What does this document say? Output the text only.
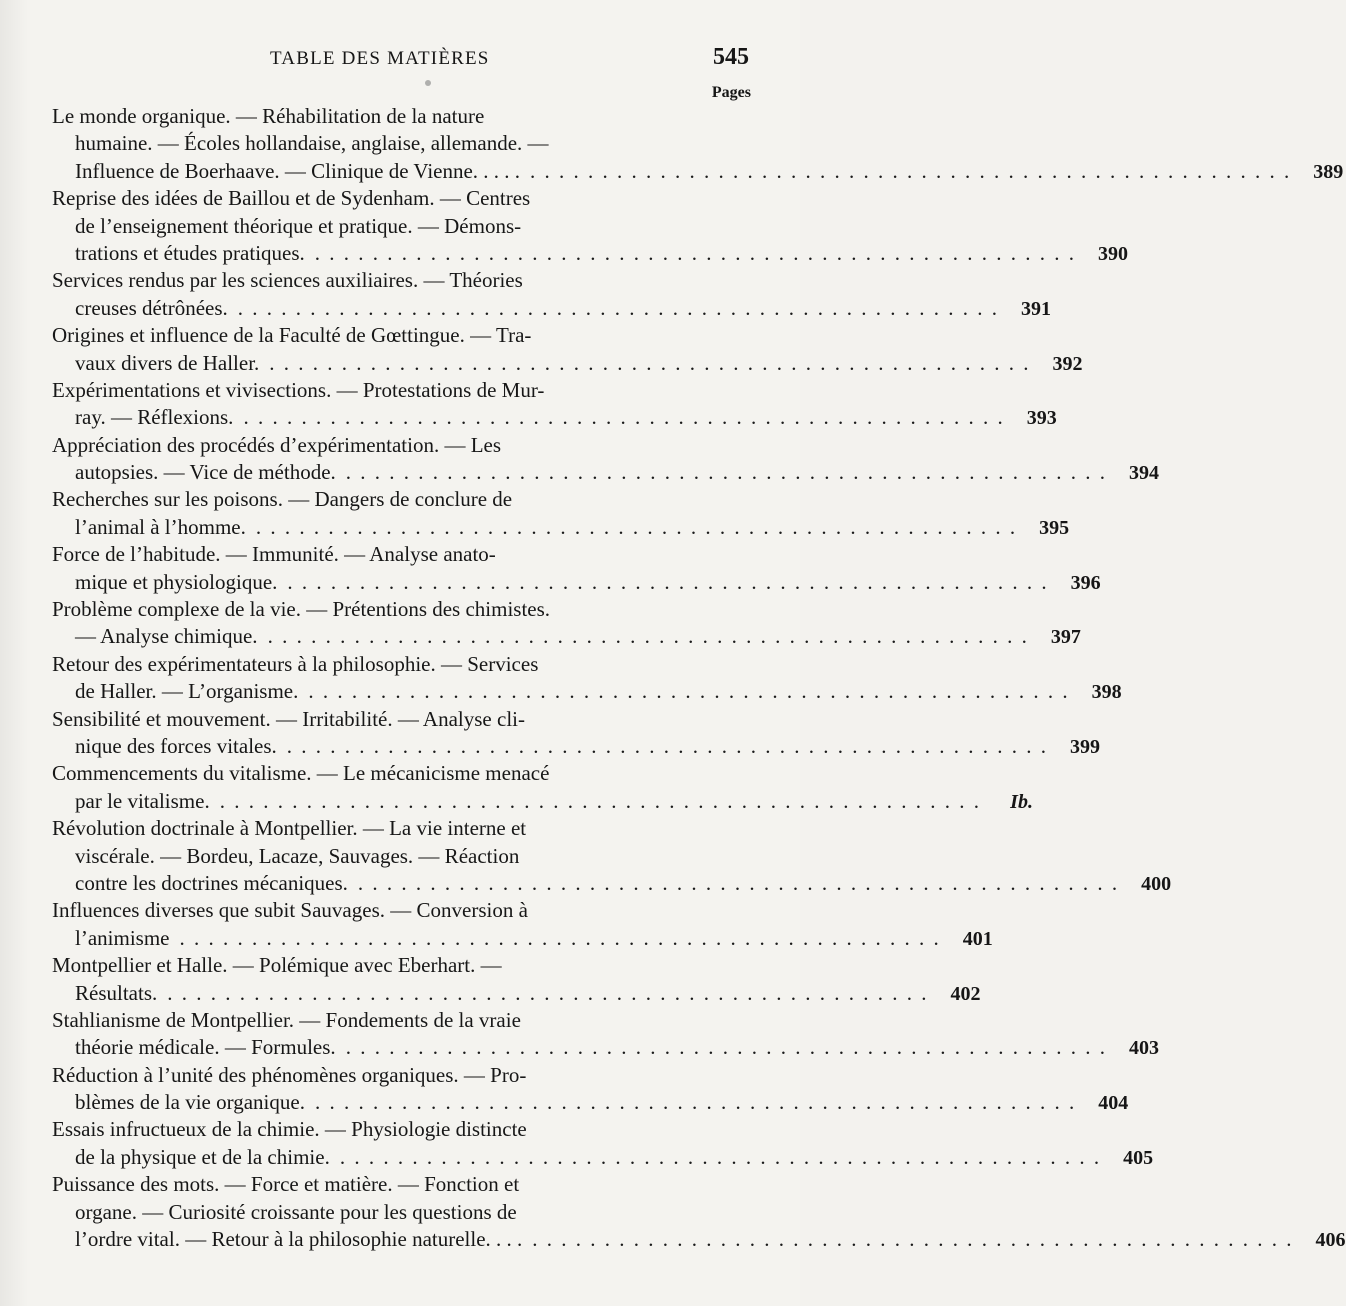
TABLE DES MATIÈRES	545
Pages
Le monde organique. — Réhabilitation de la nature
humaine. — Écoles hollandaise, anglaise, allemande. —
Influence de Boerhaave. — Clinique de Vienne. . . . . . . . . . . . . . . . . . . . . . . . . . . . . . . . . . . . . . . . . . . . . . . . . . . . . . . . . .	389
Reprise des idées de Baillou et de Sydenham. — Centres
de l’enseignement théorique et pratique. — Démons-
trations et études pratiques. . . . . . . . . . . . . . . . . . . . . . . . . . . . . . . . . . . . . . . . . . . . . . . . . . . . . .	390
Services rendus par les sciences auxiliaires. — Théories
creuses détrônées. . . . . . . . . . . . . . . . . . . . . . . . . . . . . . . . . . . . . . . . . . . . . . . . . . . . . .	391
Origines et influence de la Faculté de Gœttingue. — Tra-
vaux divers de Haller. . . . . . . . . . . . . . . . . . . . . . . . . . . . . . . . . . . . . . . . . . . . . . . . . . . . . .	392
Expérimentations et vivisections. — Protestations de Mur-
ray. — Réflexions. . . . . . . . . . . . . . . . . . . . . . . . . . . . . . . . . . . . . . . . . . . . . . . . . . . . . .	393
Appréciation des procédés d’expérimentation. — Les
autopsies. — Vice de méthode. . . . . . . . . . . . . . . . . . . . . . . . . . . . . . . . . . . . . . . . . . . . . . . . . . . . . .	394
Recherches sur les poisons. — Dangers de conclure de
l’animal à l’homme. . . . . . . . . . . . . . . . . . . . . . . . . . . . . . . . . . . . . . . . . . . . . . . . . . . . . .	395
Force de l’habitude. — Immunité. — Analyse anato-
mique et physiologique. . . . . . . . . . . . . . . . . . . . . . . . . . . . . . . . . . . . . . . . . . . . . . . . . . . . . .	396
Problème complexe de la vie. — Prétentions des chimistes.
— Analyse chimique. . . . . . . . . . . . . . . . . . . . . . . . . . . . . . . . . . . . . . . . . . . . . . . . . . . . . .	397
Retour des expérimentateurs à la philosophie. — Services
de Haller. — L’organisme. . . . . . . . . . . . . . . . . . . . . . . . . . . . . . . . . . . . . . . . . . . . . . . . . . . . . .	398
Sensibilité et mouvement. — Irritabilité. — Analyse cli-
nique des forces vitales. . . . . . . . . . . . . . . . . . . . . . . . . . . . . . . . . . . . . . . . . . . . . . . . . . . . . .	399
Commencements du vitalisme. — Le mécanicisme menacé
par le vitalisme. . . . . . . . . . . . . . . . . . . . . . . . . . . . . . . . . . . . . . . . . . . . . . . . . . . . . .	Ib.
Révolution doctrinale à Montpellier. — La vie interne et
viscérale. — Bordeu, Lacaze, Sauvages. — Réaction
contre les doctrines mécaniques. . . . . . . . . . . . . . . . . . . . . . . . . . . . . . . . . . . . . . . . . . . . . . . . . . . . . .	400
Influences diverses que subit Sauvages. — Conversion à
l’animisme . . . . . . . . . . . . . . . . . . . . . . . . . . . . . . . . . . . . . . . . . . . . . . . . . . . . .	401
Montpellier et Halle. — Polémique avec Eberhart. —
Résultats. . . . . . . . . . . . . . . . . . . . . . . . . . . . . . . . . . . . . . . . . . . . . . . . . . . . . .	402
Stahlianisme de Montpellier. — Fondements de la vraie
théorie médicale. — Formules. . . . . . . . . . . . . . . . . . . . . . . . . . . . . . . . . . . . . . . . . . . . . . . . . . . . . .	403
Réduction à l’unité des phénomènes organiques. — Pro-
blèmes de la vie organique. . . . . . . . . . . . . . . . . . . . . . . . . . . . . . . . . . . . . . . . . . . . . . . . . . . . . .	404
Essais infructueux de la chimie. — Physiologie distincte
de la physique et de la chimie. . . . . . . . . . . . . . . . . . . . . . . . . . . . . . . . . . . . . . . . . . . . . . . . . . . . . .	405
Puissance des mots. — Force et matière. — Fonction et
organe. — Curiosité croissante pour les questions de
l’ordre vital. — Retour à la philosophie naturelle. . . . . . . . . . . . . . . . . . . . . . . . . . . . . . . . . . . . . . . . . . . . . . . . . . . . . . . . .	406
